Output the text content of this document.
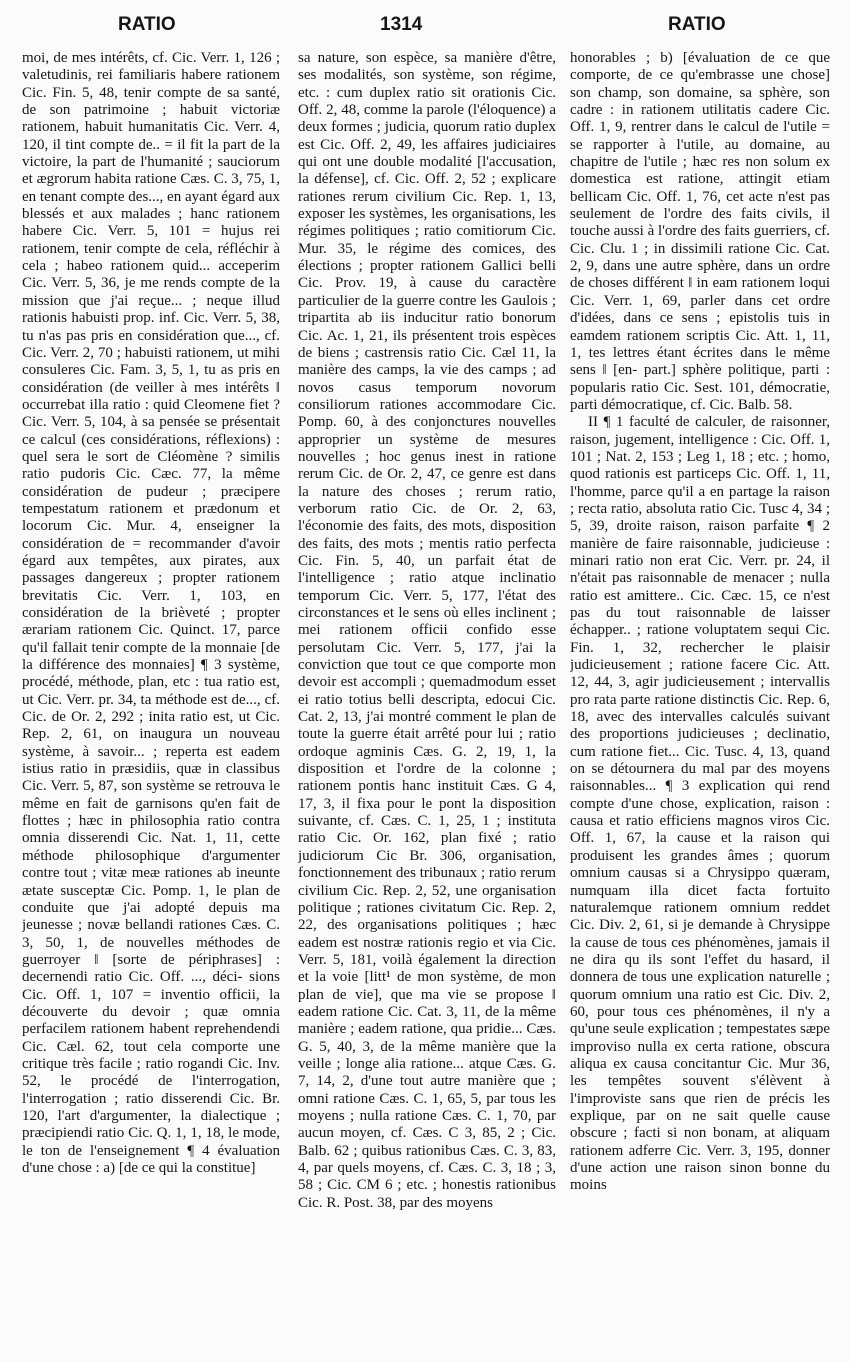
RATIO	1314	RATIO

moi, de mes intérêts, cf. Cic. Verr. 1, 126 ; valetudinis, rei familiaris habere rationem Cic. Fin. 5, 48, tenir compte de sa santé, de son patrimoine ; habuit victoriæ rationem, habuit humanitatis Cic. Verr. 4, 120, il tint compte de.. = il fit la part de la victoire, la part de l'humanité ; sauciorum et ægrorum habita ratione Cæs. C. 3, 75, 1, en tenant compte des..., en ayant égard aux blessés et aux malades ; hanc rationem habere Cic. Verr. 5, 101 = hujus rei rationem, tenir compte de cela, réfléchir à cela ; habeo rationem quid... acceperim Cic. Verr. 5, 36, je me rends compte de la mission que j'ai reçue... ; neque illud rationis habuisti prop. inf. Cic. Verr. 5, 38, tu n'as pas pris en considération que..., cf. Cic. Verr. 2, 70 ; habuisti rationem, ut mihi consuleres Cic. Fam. 3, 5, 1, tu as pris en considération (de veiller à mes intérêts ‖ occurrebat illa ratio : quid Cleomene fiet ? Cic. Verr. 5, 104, à sa pensée se présentait ce calcul (ces considérations, réflexions) : quel sera le sort de Cléomène ? similis ratio pudoris Cic. Cæc. 77, la même considération de pudeur ; præcipere tempestatum rationem et prædonum et locorum Cic. Mur. 4, enseigner la considération de = recommander d'avoir égard aux tempêtes, aux pirates, aux passages dangereux ; propter rationem brevitatis Cic. Verr. 1, 103, en considération de la brièveté ; propter ærariam rationem Cic. Quinct. 17, parce qu'il fallait tenir compte de la monnaie [de la différence des monnaies] ¶ 3 système, procédé, méthode, plan, etc : tua ratio est, ut Cic. Verr. pr. 34, ta méthode est de..., cf. Cic. de Or. 2, 292 ; inita ratio est, ut Cic. Rep. 2, 61, on inaugura un nouveau système, à savoir... ; reperta est eadem istius ratio in præsidiis, quæ in classibus Cic. Verr. 5, 87, son système se retrouva le même en fait de garnisons qu'en fait de flottes ; hæc in philosophia ratio contra omnia disserendi Cic. Nat. 1, 11, cette méthode philosophique d'argumenter contre tout ; vitæ meæ rationes ab ineunte ætate susceptæ Cic. Pomp. 1, le plan de conduite que j'ai adopté depuis ma jeunesse ; novæ bellandi rationes Cæs. C. 3, 50, 1, de nouvelles méthodes de guerroyer ‖ [sorte de périphrases] : decernendi ratio Cic. Off. ..., déci- sions Cic. Off. 1, 107 = inventio officii, la découverte du devoir ; quæ omnia perfacilem rationem habent reprehendendi Cic. Cæl. 62, tout cela comporte une critique très facile ; ratio rogandi Cic. Inv. 52, le procédé de l'interrogation, l'interrogation ; ratio disserendi Cic. Br. 120, l'art d'argumenter, la dialectique ; præcipiendi ratio Cic. Q. 1, 1, 18, le mode, le ton de l'enseignement ¶ 4 évaluation d'une chose : a) [de ce qui la constitue]

sa nature, son espèce, sa manière d'être, ses modalités, son système, son régime, etc. : cum duplex ratio sit orationis Cic. Off. 2, 48, comme la parole (l'éloquence) a deux formes ; judicia, quorum ratio duplex est Cic. Off. 2, 49, les affaires judiciaires qui ont une double modalité [l'accusation, la défense], cf. Cic. Off. 2, 52 ; explicare rationes rerum civilium Cic. Rep. 1, 13, exposer les systèmes, les organisations, les régimes politiques ; ratio comitiorum Cic. Mur. 35, le régime des comices, des élections ; propter rationem Gallici belli Cic. Prov. 19, à cause du caractère particulier de la guerre contre les Gaulois ; tripartita ab iis inducitur ratio bonorum Cic. Ac. 1, 21, ils présentent trois espèces de biens ; castrensis ratio Cic. Cæl 11, la manière des camps, la vie des camps ; ad novos casus temporum novorum consiliorum rationes accommodare Cic. Pomp. 60, à des conjonctures nouvelles approprier un système de mesures nouvelles ; hoc genus inest in ratione rerum Cic. de Or. 2, 47, ce genre est dans la nature des choses ; rerum ratio, verborum ratio Cic. de Or. 2, 63, l'économie des faits, des mots, disposition des faits, des mots ; mentis ratio perfecta Cic. Fin. 5, 40, un parfait état de l'intelligence ; ratio atque inclinatio temporum Cic. Verr. 5, 177, l'état des circonstances et le sens où elles inclinent ; mei rationem officii confido esse persolutam Cic. Verr. 5, 177, j'ai la conviction que tout ce que comporte mon devoir est accompli ; quemadmodum esset ei ratio totius belli descripta, edocui Cic. Cat. 2, 13, j'ai montré comment le plan de toute la guerre était arrêté pour lui ; ratio ordoque agminis Cæs. G. 2, 19, 1, la disposition et l'ordre de la colonne ; rationem pontis hanc instituit Cæs. G 4, 17, 3, il fixa pour le pont la disposition suivante, cf. Cæs. C. 1, 25, 1 ; instituta ratio Cic. Or. 162, plan fixé ; ratio judiciorum Cic Br. 306, organisation, fonctionnement des tribunaux ; ratio rerum civilium Cic. Rep. 2, 52, une organisation politique ; rationes civitatum Cic. Rep. 2, 22, des organisations politiques ; hæc eadem est nostræ rationis regio et via Cic. Verr. 5, 181, voilà également la direction et la voie [litt¹ de mon système, de mon plan de vie], que ma vie se propose ‖ eadem ratione Cic. Cat. 3, 11, de la même manière ; eadem ratione, qua pridie... Cæs. G. 5, 40, 3, de la même manière que la veille ; longe alia ratione... atque Cæs. G. 7, 14, 2, d'une tout autre manière que ; omni ratione Cæs. C. 1, 65, 5, par tous les moyens ; nulla ratione Cæs. C. 1, 70, par aucun moyen, cf. Cæs. C 3, 85, 2 ; Cic. Balb. 62 ; quibus rationibus Cæs. C. 3, 83, 4, par quels moyens, cf. Cæs. C. 3, 18 ; 3, 58 ; Cic. CM 6 ; etc. ; honestis rationibus Cic. R. Post. 38, par des moyens

honorables ; b) [évaluation de ce que comporte, de ce qu'embrasse une chose] son champ, son domaine, sa sphère, son cadre : in rationem utilitatis cadere Cic. Off. 1, 9, rentrer dans le calcul de l'utile = se rapporter à l'utile, au domaine, au chapitre de l'utile ; hæc res non solum ex domestica est ratione, attingit etiam bellicam Cic. Off. 1, 76, cet acte n'est pas seulement de l'ordre des faits civils, il touche aussi à l'ordre des faits guerriers, cf. Cic. Clu. 1 ; in dissimili ratione Cic. Cat. 2, 9, dans une autre sphère, dans un ordre de choses différent ‖ in eam rationem loqui Cic. Verr. 1, 69, parler dans cet ordre d'idées, dans ce sens ; epistolis tuis in eamdem rationem scriptis Cic. Att. 1, 11, 1, tes lettres étant écrites dans le même sens ‖ [en- part.] sphère politique, parti : popularis ratio Cic. Sest. 101, démocratie, parti démocratique, cf. Cic. Balb. 58.

II ¶ 1 faculté de calculer, de raisonner, raison, jugement, intelligence : Cic. Off. 1, 101 ; Nat. 2, 153 ; Leg 1, 18 ; etc. ; homo, quod rationis est particeps Cic. Off. 1, 11, l'homme, parce qu'il a en partage la raison ; recta ratio, absoluta ratio Cic. Tusc 4, 34 ; 5, 39, droite raison, raison parfaite ¶ 2 manière de faire raisonnable, judicieuse : minari ratio non erat Cic. Verr. pr. 24, il n'était pas raisonnable de menacer ; nulla ratio est amittere.. Cic. Cæc. 15, ce n'est pas du tout raisonnable de laisser échapper.. ; ratione voluptatem sequi Cic. Fin. 1, 32, rechercher le plaisir judicieusement ; ratione facere Cic. Att. 12, 44, 3, agir judicieusement ; intervallis pro rata parte ratione distinctis Cic. Rep. 6, 18, avec des intervalles calculés suivant des proportions judicieuses ; declinatio, cum ratione fiet... Cic. Tusc. 4, 13, quand on se détournera du mal par des moyens raisonnables... ¶ 3 explication qui rend compte d'une chose, explication, raison : causa et ratio efficiens magnos viros Cic. Off. 1, 67, la cause et la raison qui produisent les grandes âmes ; quorum omnium causas si a Chrysippo quæram, numquam illa dicet facta fortuito naturalemque rationem omnium reddet Cic. Div. 2, 61, si je demande à Chrysippe la cause de tous ces phénomènes, jamais il ne dira qu ils sont l'effet du hasard, il donnera de tous une explication naturelle ; quorum omnium una ratio est Cic. Div. 2, 60, pour tous ces phénomènes, il n'y a qu'une seule explication ; tempestates sæpe improviso nulla ex certa ratione, obscura aliqua ex causa concitantur Cic. Mur 36, les tempêtes souvent s'élèvent à l'improviste sans que rien de précis les explique, par on ne sait quelle cause obscure ; facti si non bonam, at aliquam rationem adferre Cic. Verr. 3, 195, donner d'une action une raison sinon bonne du moins
